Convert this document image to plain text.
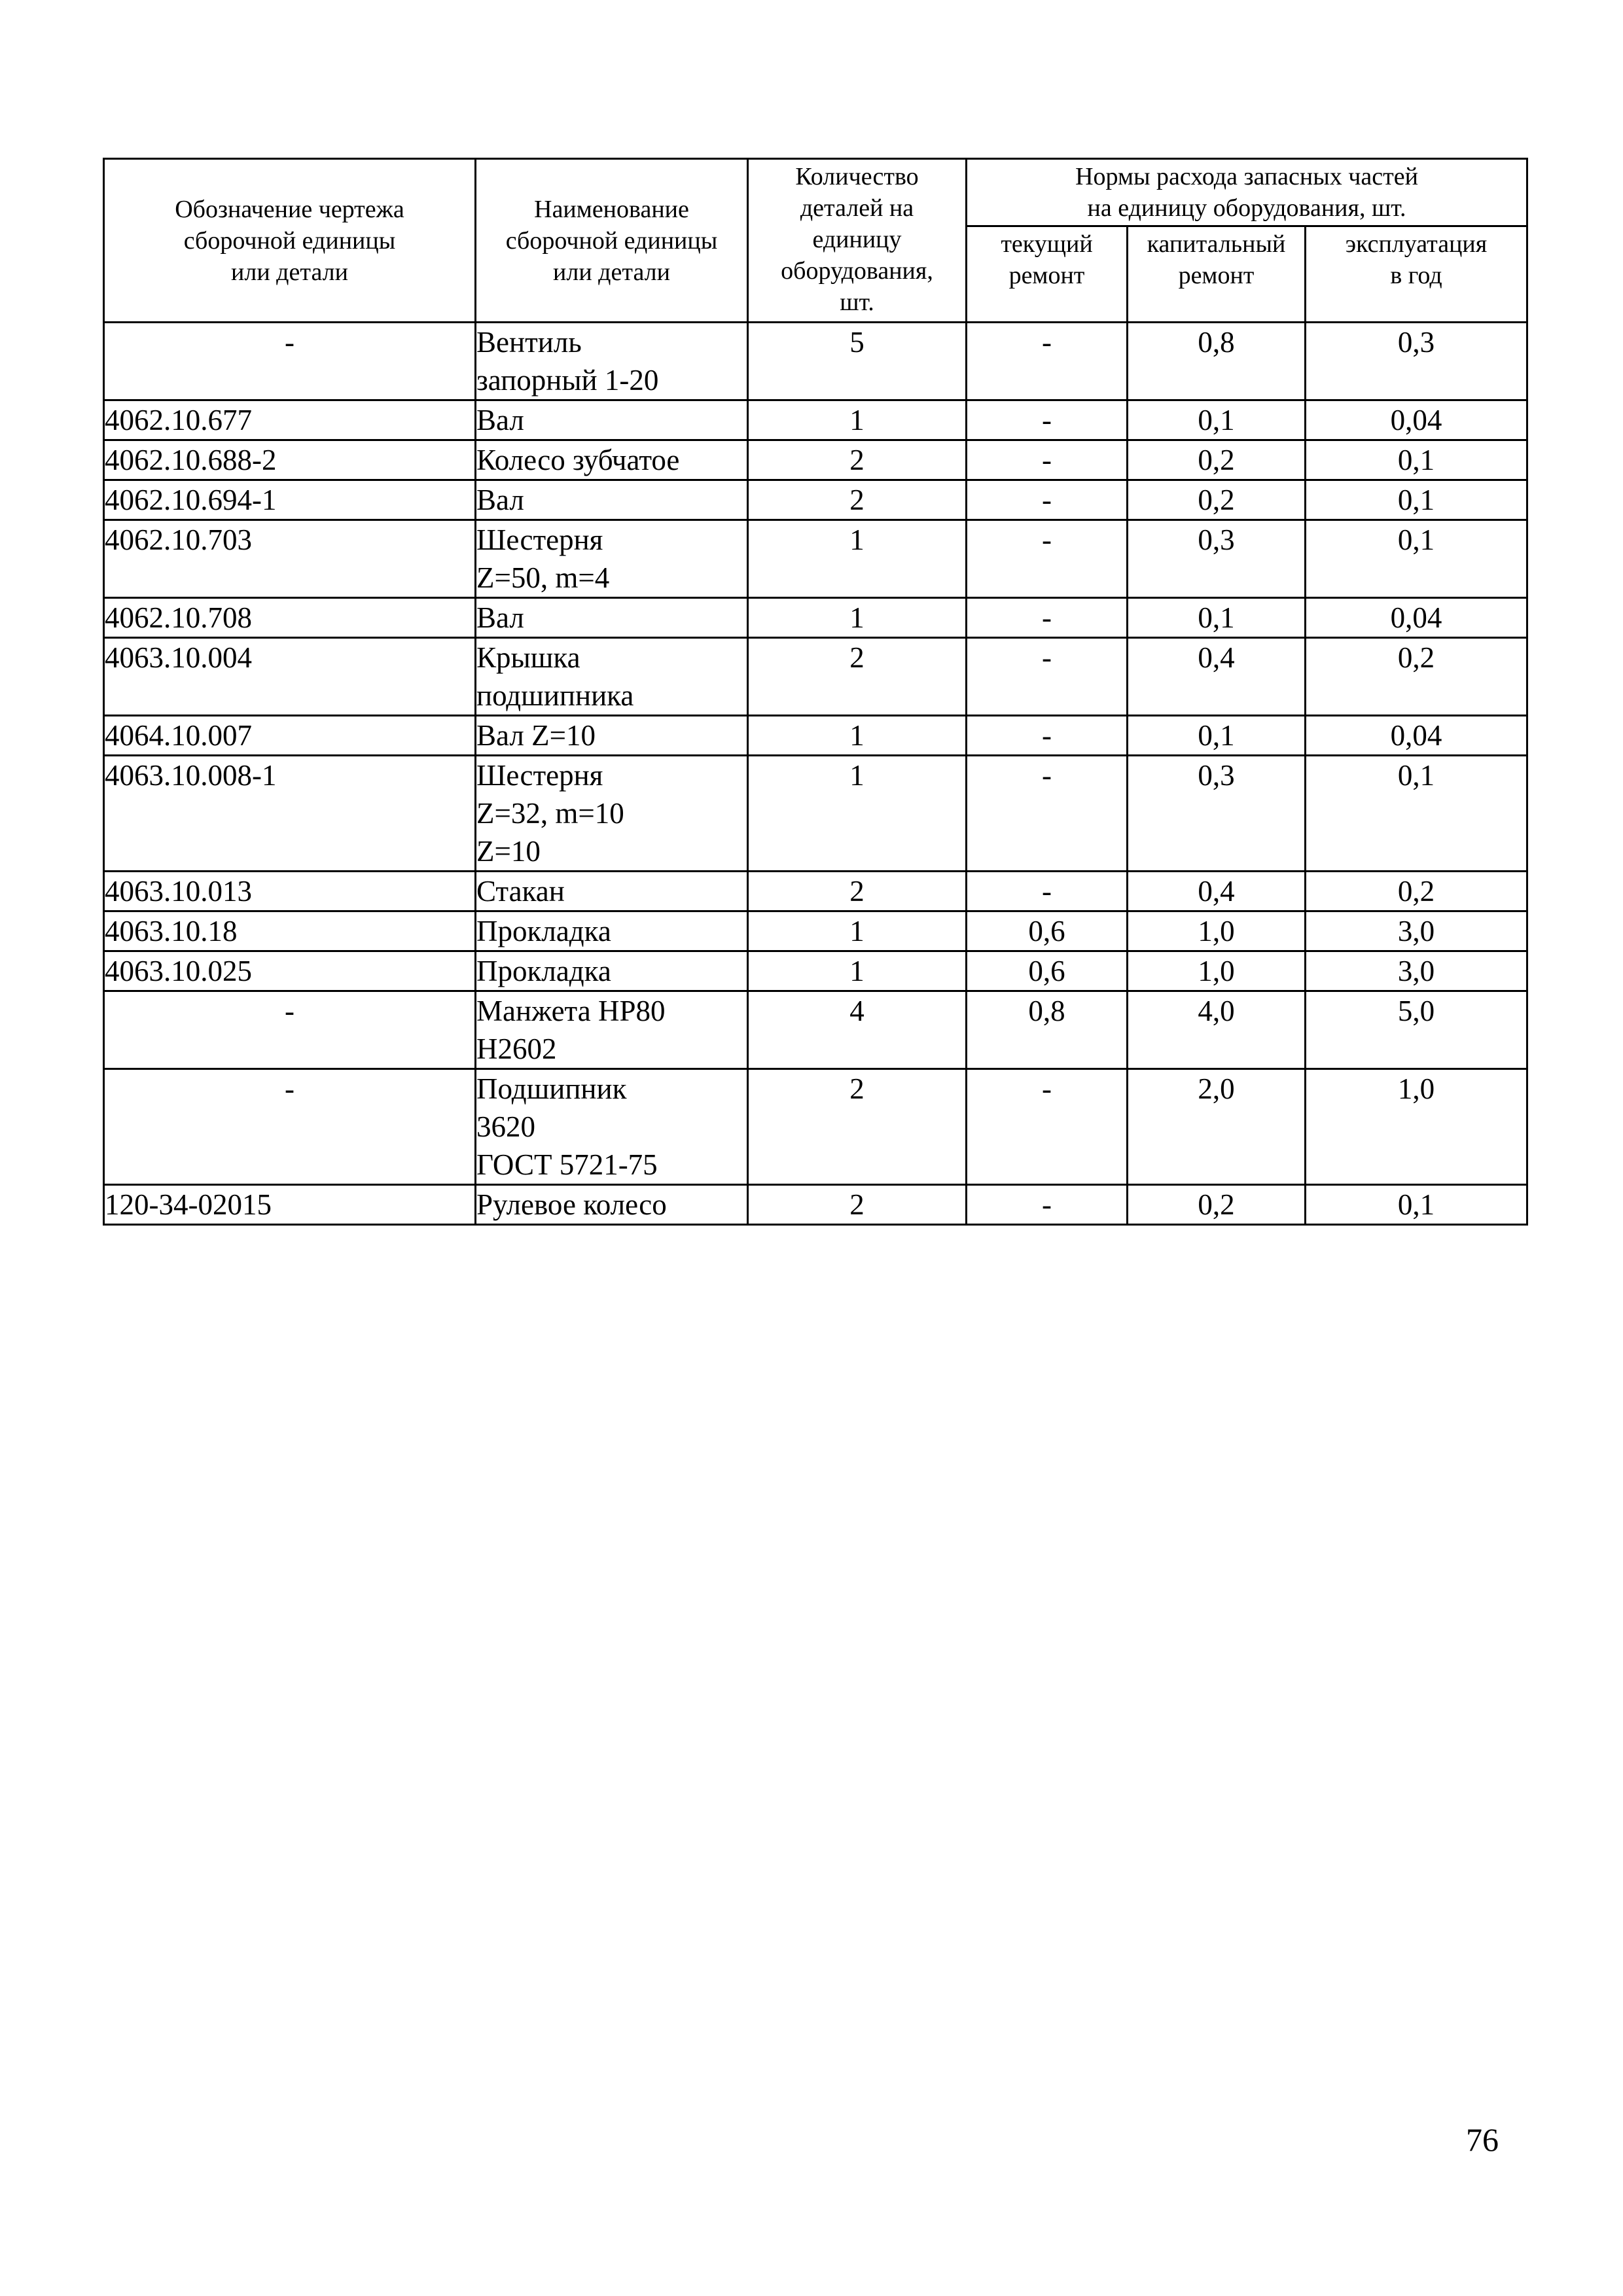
Обозначение чертежа
сборочной единицы
или детали	Наименование
сборочной единицы
или детали	Количество
деталей на
единицу
оборудования,
шт.	Нормы расхода запасных частей
на единицу оборудования, шт.		

			текущий
ремонт	капитальный
ремонт	эксплуатация
в год

-	Вентиль
запорный 1-20	5	-	0,8	0,3
4062.10.677	Вал	1	-	0,1	0,04
4062.10.688-2	Колесо зубчатое	2	-	0,2	0,1
4062.10.694-1	Вал	2	-	0,2	0,1
4062.10.703	Шестерня
Z=50, m=4	1	-	0,3	0,1
4062.10.708	Вал	1	-	0,1	0,04
4063.10.004	Крышка
подшипника	2	-	0,4	0,2
4064.10.007	Вал Z=10	1	-	0,1	0,04
4063.10.008-1	Шестерня
Z=32, m=10
Z=10	1	-	0,3	0,1
4063.10.013	Стакан	2	-	0,4	0,2
4063.10.18	Прокладка	1	0,6	1,0	3,0
4063.10.025	Прокладка	1	0,6	1,0	3,0
-	Манжета НР80
Н2602	4	0,8	4,0	5,0
-	Подшипник
3620
ГОСТ 5721-75	2	-	2,0	1,0
120-34-02015	Рулевое колесо	2	-	0,2	0,1
76
